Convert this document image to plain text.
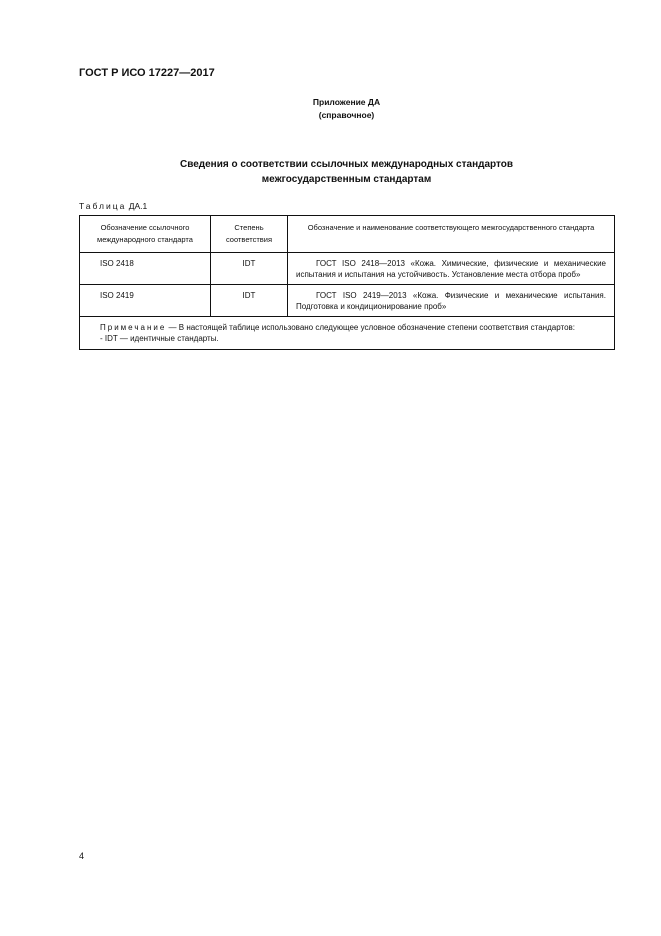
ГОСТ Р ИСО 17227—2017
Приложение ДА
(справочное)
Сведения о соответствии ссылочных международных стандартов
межгосударственным стандартам
Таблица ДА.1
Обозначение ссылочного международного стандарта	Степень соответствия	Обозначение и наименование соответствующего межгосударственного стандарта
ISO 2418	IDT	ГОСТ ISO 2418—2013 «Кожа. Химические, физические и механические испытания и испытания на устойчивость. Установление места отбора проб»
ISO 2419	IDT	ГОСТ ISO 2419—2013 «Кожа. Физические и механические испытания. Подготовка и кондиционирование проб»

Примечание — В настоящей таблице использовано следующее условное обозначение степени соответствия стандартов:
- IDT — идентичные стандарты.		
4
